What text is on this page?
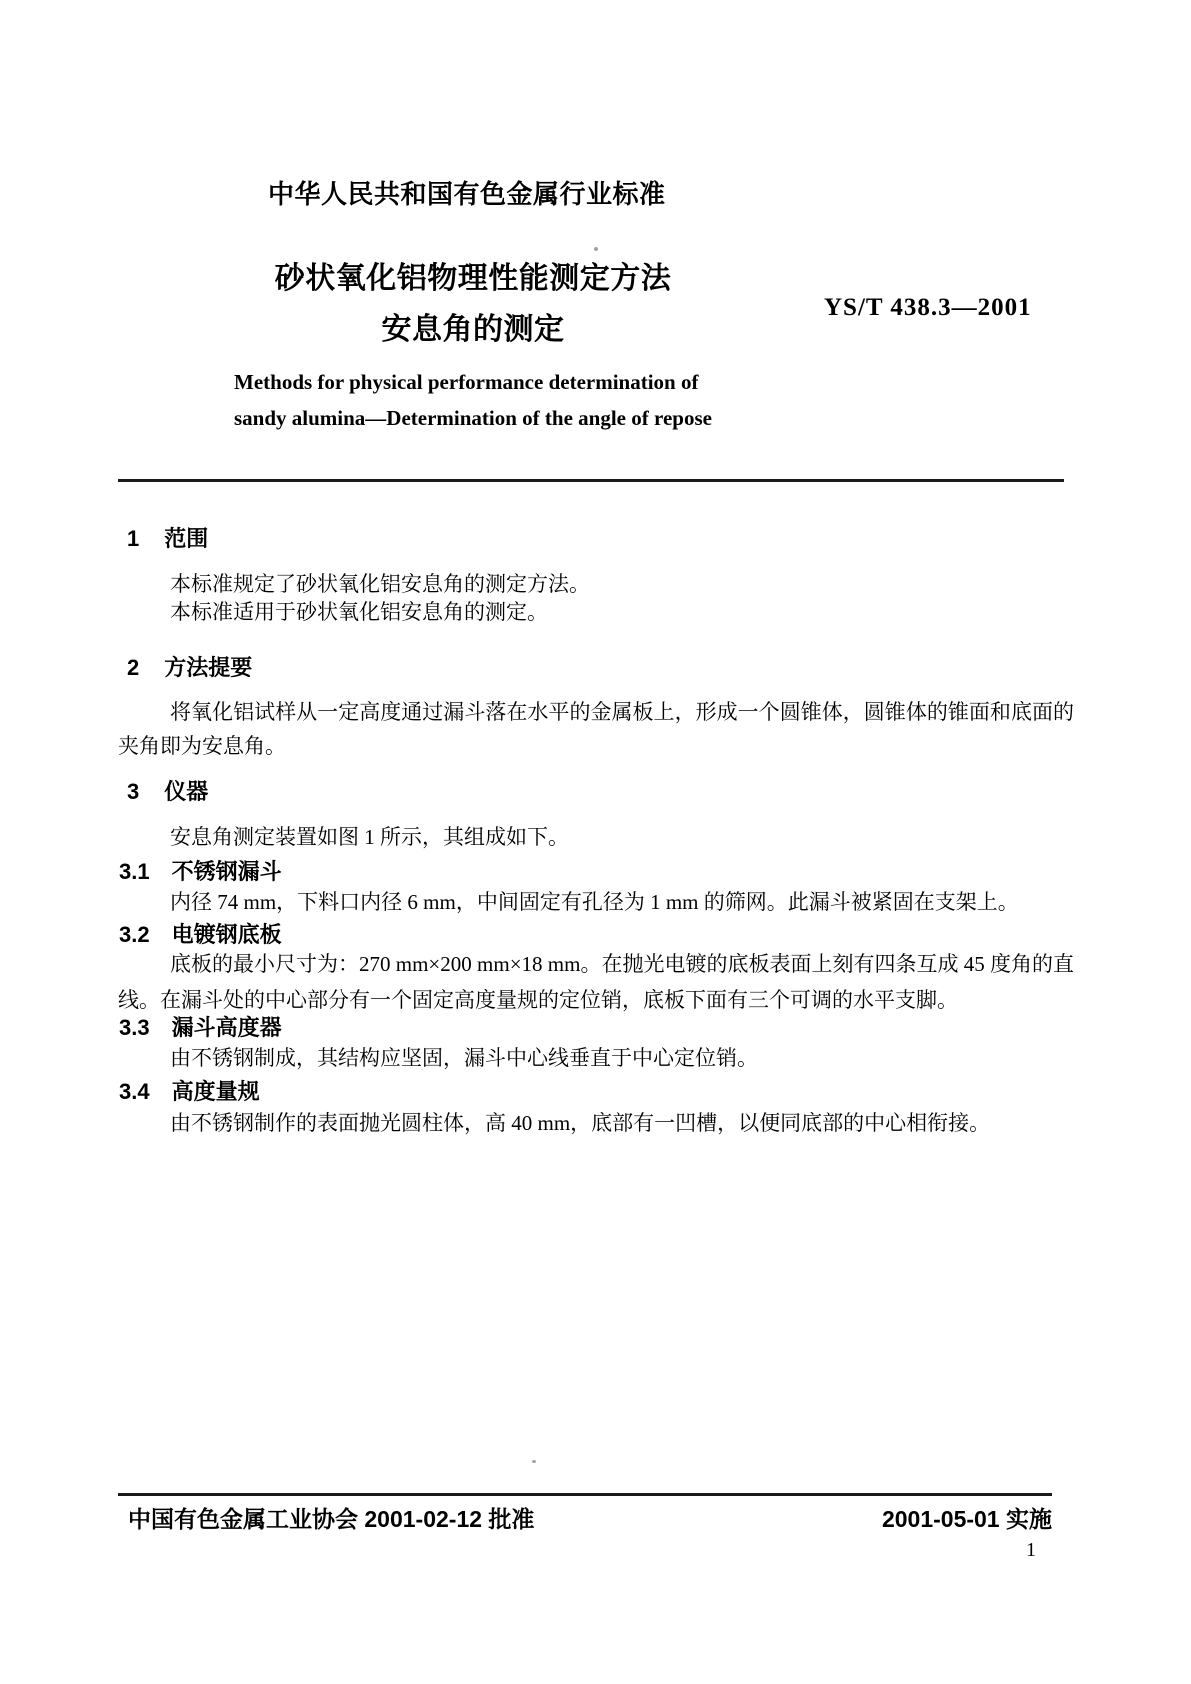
中华人民共和国有色金属行业标准
砂状氧化铝物理性能测定方法
安息角的测定
YS/T 438.3—2001
Methods for physical performance determination of
sandy alumina—Determination of the angle of repose
1 范围
本标准规定了砂状氧化铝安息角的测定方法。
本标准适用于砂状氧化铝安息角的测定。
2 方法提要
将氧化铝试样从一定高度通过漏斗落在水平的金属板上，形成一个圆锥体，圆锥体的锥面和底面的夹角即为安息角。
3 仪器
安息角测定装置如图 1 所示，其组成如下。
3.1 不锈钢漏斗
内径 74 mm，下料口内径 6 mm，中间固定有孔径为 1 mm 的筛网。此漏斗被紧固在支架上。
3.2 电镀钢底板
底板的最小尺寸为：270 mm×200 mm×18 mm。在抛光电镀的底板表面上刻有四条互成 45 度角的直线。在漏斗处的中心部分有一个固定高度量规的定位销，底板下面有三个可调的水平支脚。
3.3 漏斗高度器
由不锈钢制成，其结构应坚固，漏斗中心线垂直于中心定位销。
3.4 高度量规
由不锈钢制作的表面抛光圆柱体，高 40 mm，底部有一凹槽，以便同底部的中心相衔接。
中国有色金属工业协会 2001-02-12 批准	2001-05-01 实施
1
